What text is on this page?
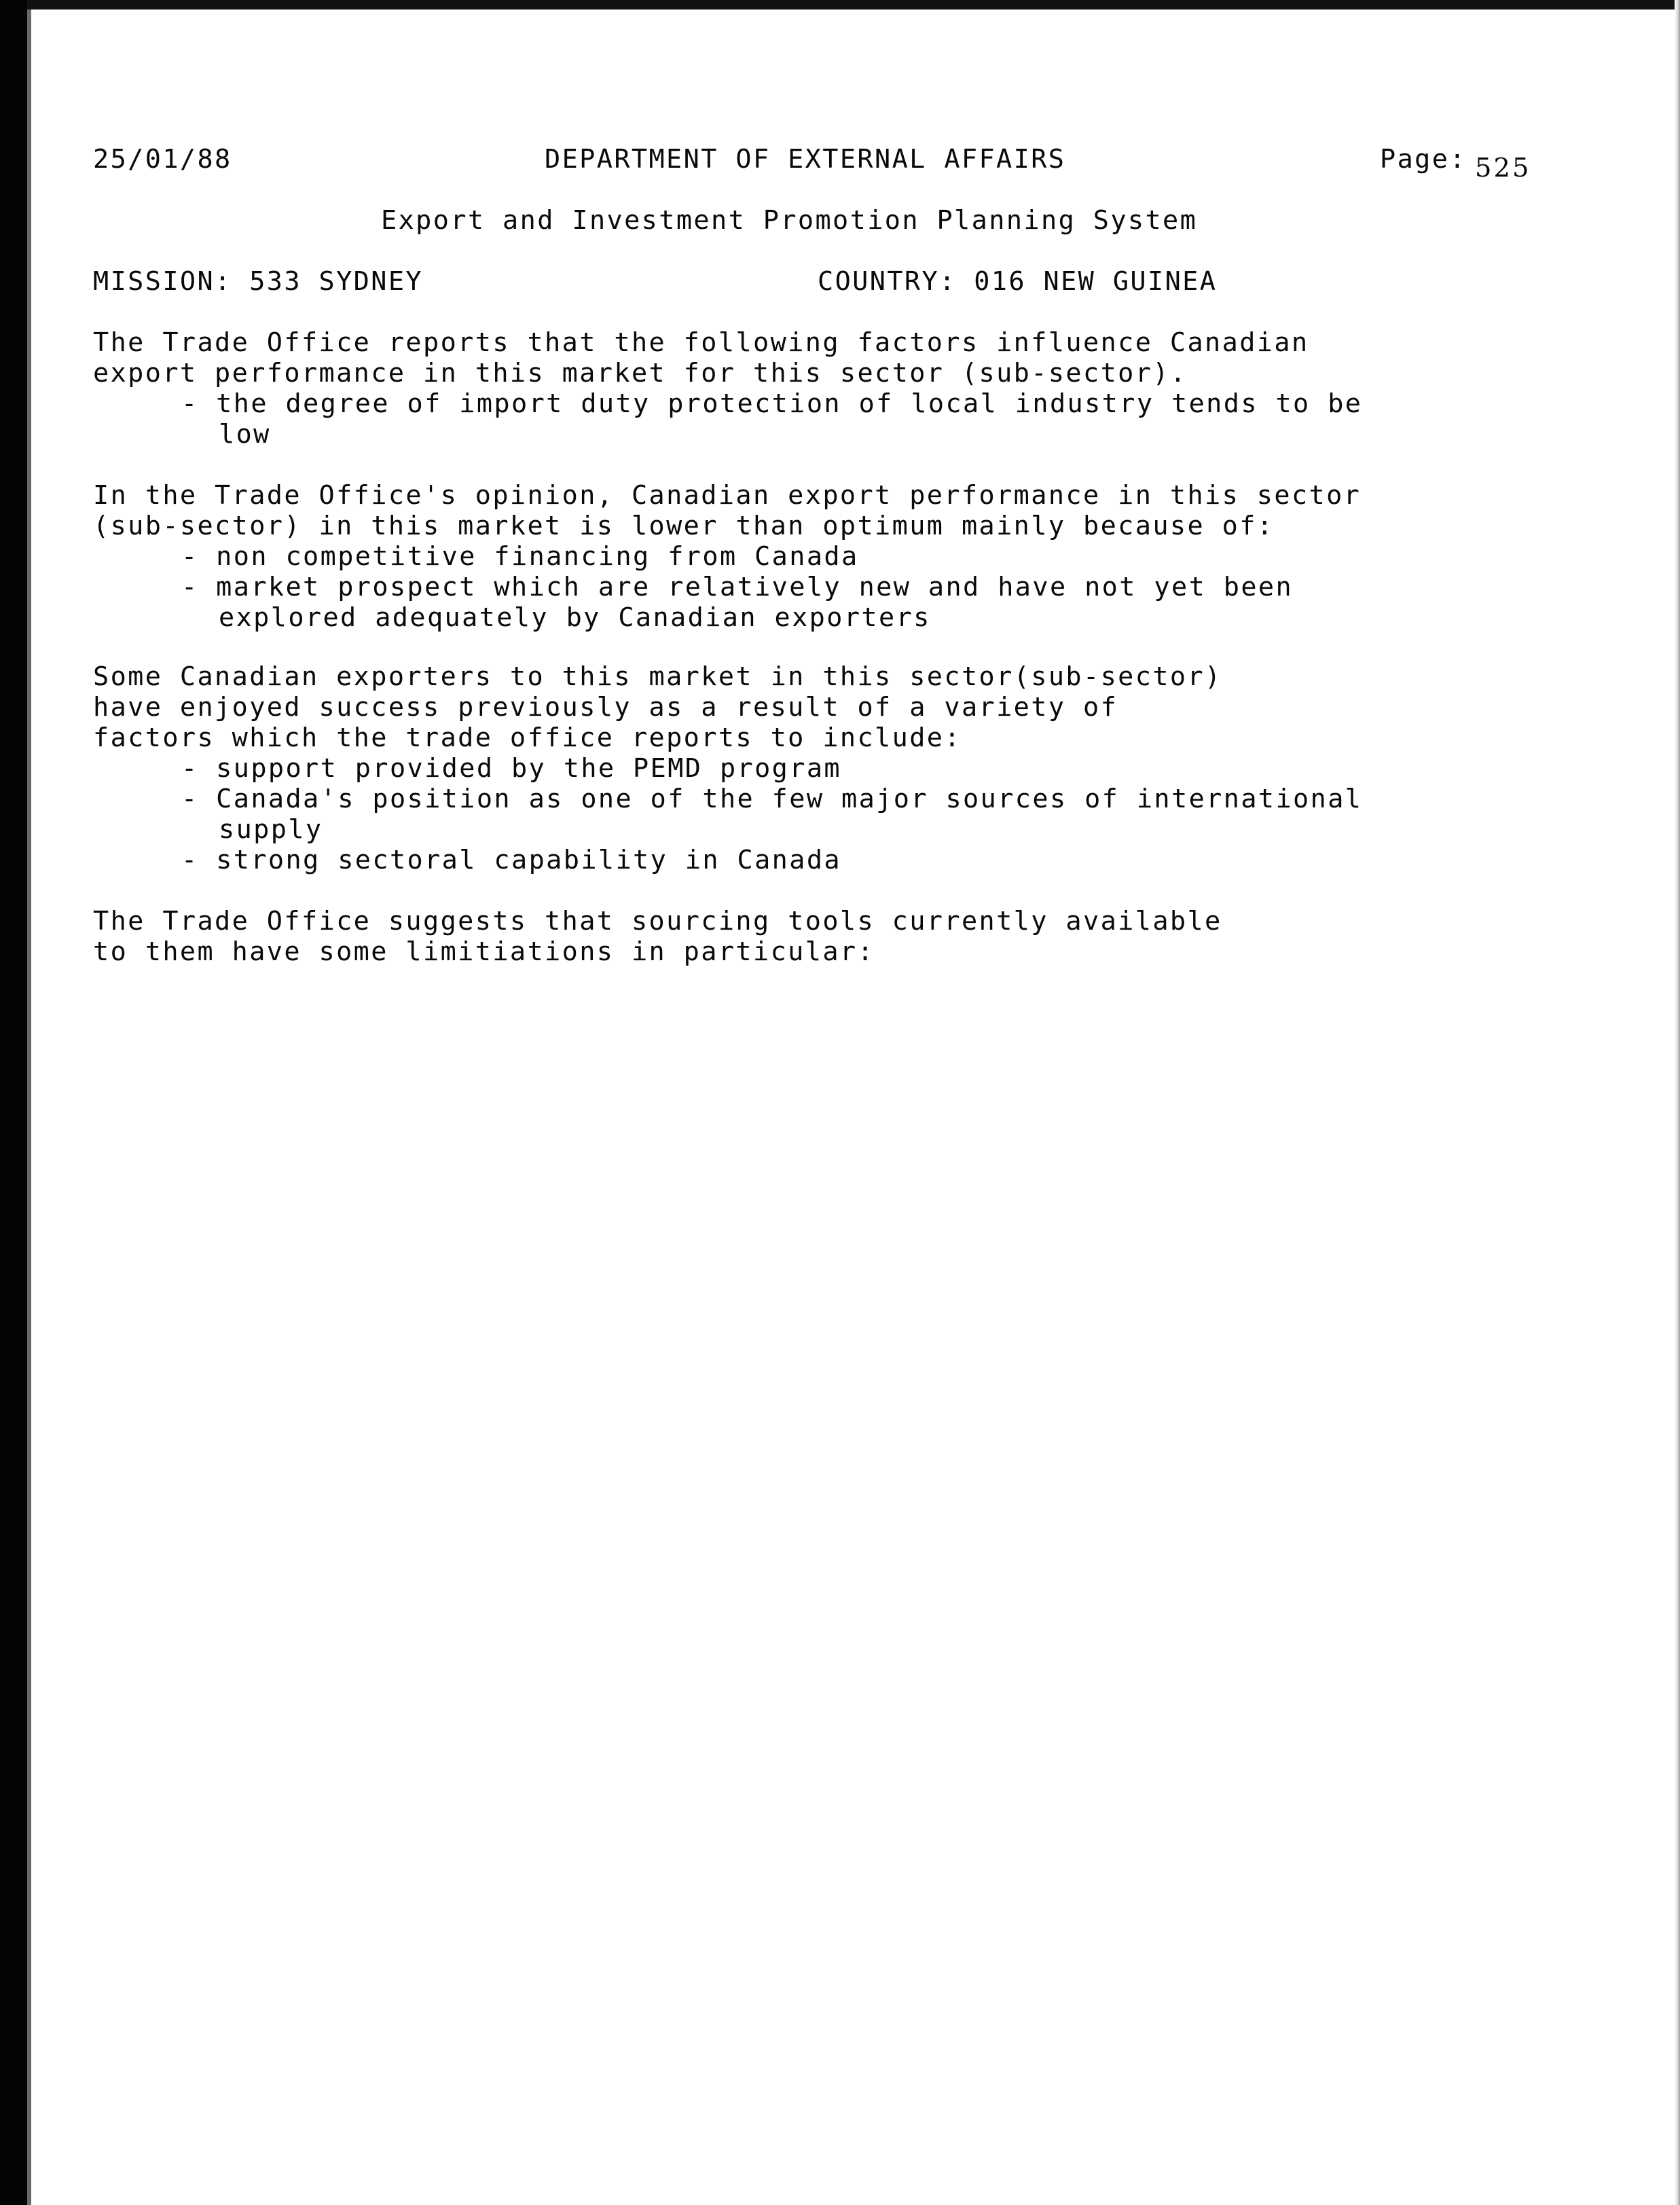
25/01/88	DEPARTMENT OF EXTERNAL AFFAIRS	Page: 525
Export and Investment Promotion Planning System
MISSION: 533 SYDNEY	COUNTRY: 016 NEW GUINEA
The Trade Office reports that the following factors influence Canadian
export performance in this market for this sector (sub-sector).
- the degree of import duty protection of local industry tends to be
low
In the Trade Office's opinion, Canadian export performance in this sector
(sub-sector) in this market is lower than optimum mainly because of:
- non competitive financing from Canada
- market prospect which are relatively new and have not yet been
explored adequately by Canadian exporters
Some Canadian exporters to this market in this sector(sub-sector)
have enjoyed success previously as a result of a variety of
factors which the trade office reports to include:
- support provided by the PEMD program
- Canada's position as one of the few major sources of international
supply
- strong sectoral capability in Canada
The Trade Office suggests that sourcing tools currently available
to them have some limitiations in particular:
